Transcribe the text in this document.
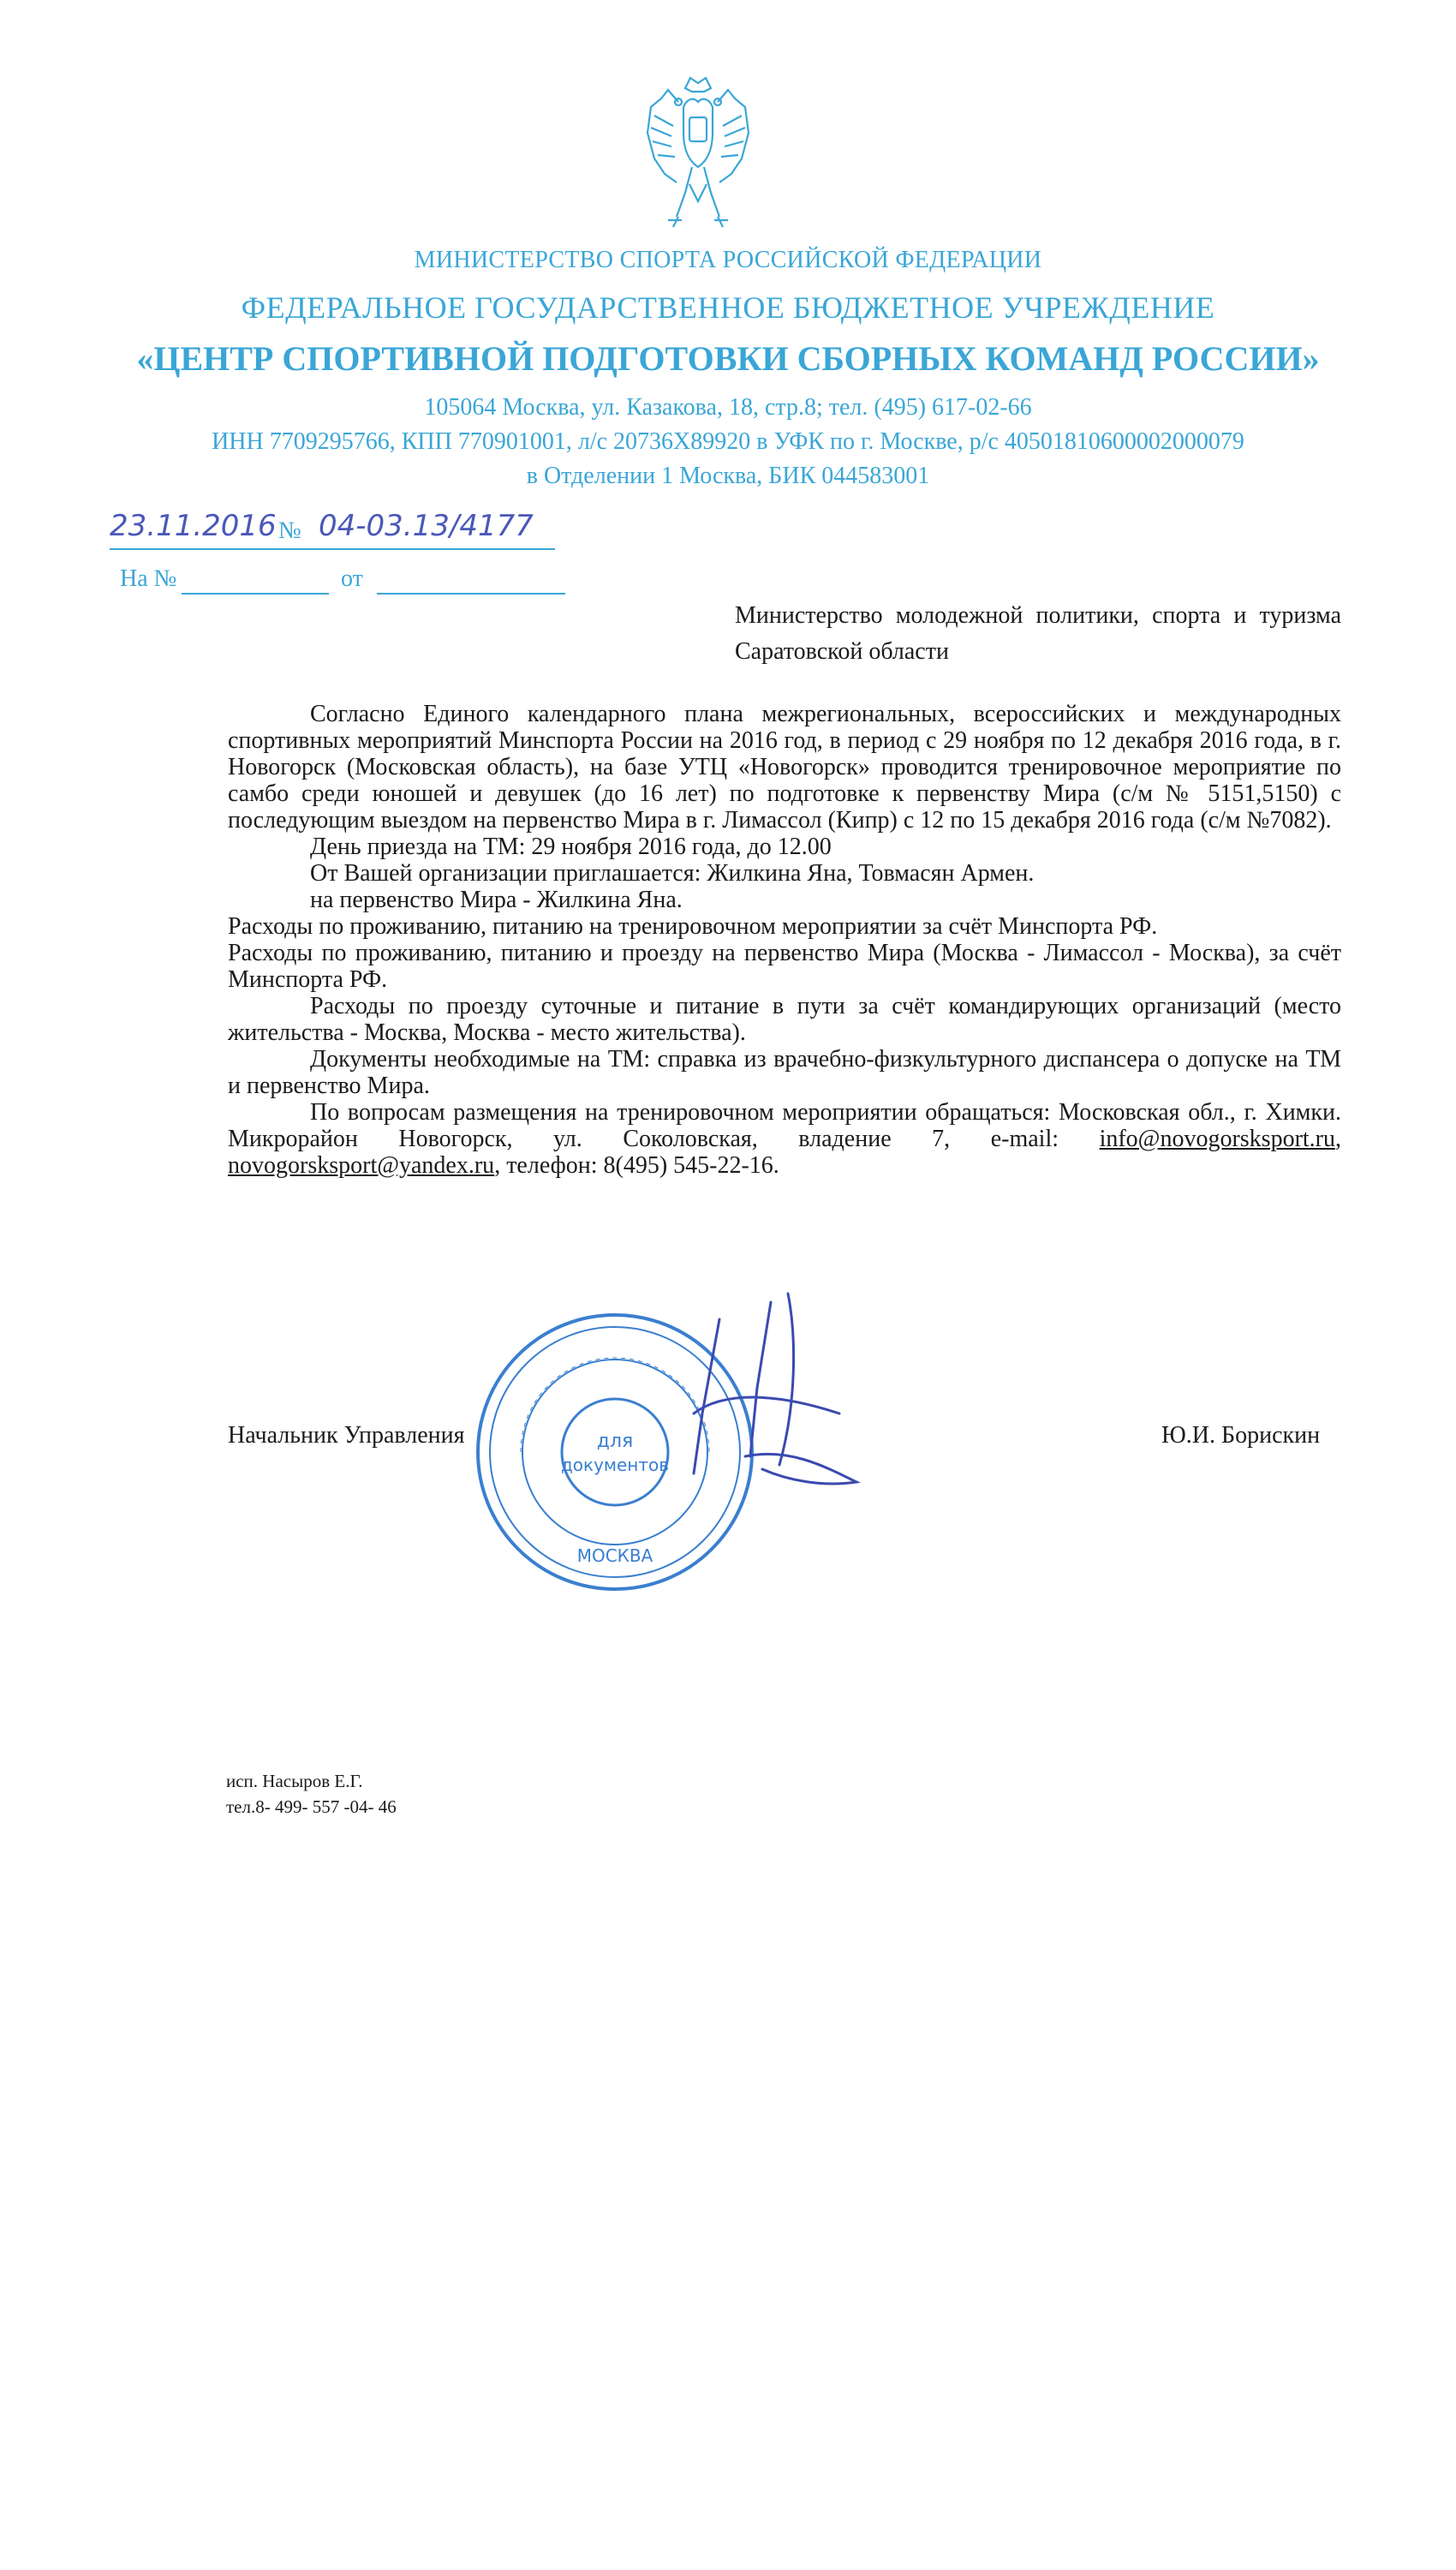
МИНИСТЕРСТВО СПОРТА РОССИЙСКОЙ ФЕДЕРАЦИИ
ФЕДЕРАЛЬНОЕ ГОСУДАРСТВЕННОЕ БЮДЖЕТНОЕ УЧРЕЖДЕНИЕ
«ЦЕНТР СПОРТИВНОЙ ПОДГОТОВКИ СБОРНЫХ КОМАНД РОССИИ»
105064 Москва, ул. Казакова, 18, стр.8; тел. (495) 617-02-66
ИНН 7709295766, КПП 770901001, л/с 20736Х89920 в УФК по г. Москве, р/с 40501810600002000079
в Отделении 1 Москва, БИК 044583001
23.11.2016 № 04-03.13/4177
На №	от
Министерство молодежной политики, спорта и туризма Саратовской области

Согласно Единого календарного плана межрегиональных, всероссийских и международных спортивных мероприятий Минспорта России на 2016 год, в период с 29 ноября по 12 декабря 2016 года, в г. Новогорск (Московская область), на базе УТЦ «Новогорск» проводится тренировочное мероприятие по самбо среди юношей и девушек (до 16 лет) по подготовке к первенству Мира (с/м № 5151,5150) с последующим выездом на первенство Мира в г. Лимассол (Кипр) с 12 по 15 декабря 2016 года (с/м №7082).

День приезда на ТМ: 29 ноября 2016 года, до 12.00

От Вашей организации приглашается: Жилкина Яна, Товмасян Армен.

на первенство Мира - Жилкина Яна.

Расходы по проживанию, питанию на тренировочном мероприятии за счёт Минспорта РФ.

Расходы по проживанию, питанию и проезду на первенство Мира (Москва - Лимассол - Москва), за счёт Минспорта РФ.

Расходы по проезду суточные и питание в пути за счёт командирующих организаций (место жительства - Москва, Москва - место жительства).

Документы необходимые на ТМ: справка из врачебно-физкультурного диспансера о допуске на ТМ и первенство Мира.

По вопросам размещения на тренировочном мероприятии обращаться: Московская обл., г. Химки. Микрорайон Новогорск, ул. Соколовская, владение 7, e-mail: info@novogorsksport.ru, novogorsksport@yandex.ru, телефон: 8(495) 545-22-16.

для
документов
МОСКВА
Начальник Управления	Ю.И. Борискин
исп. Насыров Е.Г.
тел.8- 499- 557 -04- 46
